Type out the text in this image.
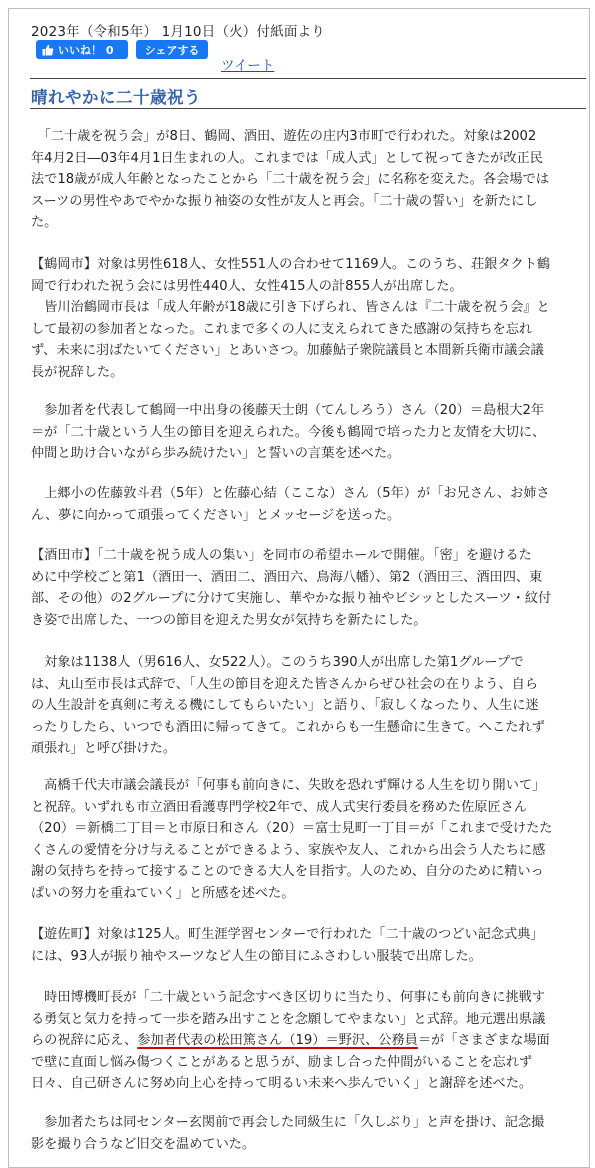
2023年（令和5年） 1月10日（火）付紙面より
いいね！ 0	シェアする
ツイート
晴れやかに二十歳祝う
　「二十歳を祝う会」が8日、鶴岡、酒田、遊佐の庄内3市町で行われた。対象は2002
年4月2日―03年4月1日生まれの人。これまでは「成人式」として祝ってきたが改正民
法で18歳が成人年齢となったことから「二十歳を祝う会」に名称を変えた。各会場では
スーツの男性やあでやかな振り袖姿の女性が友人と再会。「二十歳の誓い」を新たにし
た。
【鶴岡市】対象は男性618人、女性551人の合わせて1169人。このうち、荘銀タクト鶴
岡で行われた祝う会には男性440人、女性415人の計855人が出席した。
　皆川治鶴岡市長は「成人年齢が18歳に引き下げられ、皆さんは『二十歳を祝う会』と
して最初の参加者となった。これまで多くの人に支えられてきた感謝の気持ちを忘れ
ず、未来に羽ばたいてください」とあいさつ。加藤鮎子衆院議員と本間新兵衛市議会議
長が祝辞した。
　参加者を代表して鶴岡一中出身の後藤天士朗（てんしろう）さん（20）＝島根大2年
＝が「二十歳という人生の節目を迎えられた。今後も鶴岡で培った力と友情を大切に、
仲間と助け合いながら歩み続けたい」と誓いの言葉を述べた。
　上郷小の佐藤敦斗君（5年）と佐藤心結（ここな）さん（5年）が「お兄さん、お姉さ
ん、夢に向かって頑張ってください」とメッセージを送った。
【酒田市】「二十歳を祝う成人の集い」を同市の希望ホールで開催。「密」を避けるた
めに中学校ごと第1（酒田一、酒田二、酒田六、鳥海八幡）、第2（酒田三、酒田四、東
部、その他）の2グループに分けて実施し、華やかな振り袖やビシッとしたスーツ・紋付
き姿で出席した、一つの節目を迎えた男女が気持ちを新たにした。
　対象は1138人（男616人、女522人）。このうち390人が出席した第1グループで
は、丸山至市長は式辞で、「人生の節目を迎えた皆さんからぜひ社会の在りよう、自ら
の人生設計を真剣に考える機にしてもらいたい」と語り、「寂しくなったり、人生に迷
ったりしたら、いつでも酒田に帰ってきて。これからも一生懸命に生きて。へこたれず
頑張れ」と呼び掛けた。
　高橋千代夫市議会議長が「何事も前向きに、失敗を恐れず輝ける人生を切り開いて」
と祝辞。いずれも市立酒田看護専門学校2年で、成人式実行委員を務めた佐原匠さん
（20）＝新橋二丁目＝と市原日和さん（20）＝富士見町一丁目＝が「これまで受けたた
くさんの愛情を分け与えることができるよう、家族や友人、これから出会う人たちに感
謝の気持ちを持って接することのできる大人を目指す。人のため、自分のために精いっ
ぱいの努力を重ねていく」と所感を述べた。
【遊佐町】対象は125人。町生涯学習センターで行われた「二十歳のつどい記念式典」
には、93人が振り袖やスーツなど人生の節目にふさわしい服装で出席した。
　時田博機町長が「二十歳という記念すべき区切りに当たり、何事にも前向きに挑戦す
る勇気と気力を持って一歩を踏み出すことを念願してやまない」と式辞。地元選出県議
らの祝辞に応え、参加者代表の松田篤さん（19）＝野沢、公務員＝が「さまざまな場面
で壁に直面し悩み傷つくことがあると思うが、励まし合った仲間がいることを忘れず
日々、自己研さんに努め向上心を持って明るい未来へ歩んでいく」と謝辞を述べた。
　参加者たちは同センター玄関前で再会した同級生に「久しぶり」と声を掛け、記念撮
影を撮り合うなど旧交を温めていた。
